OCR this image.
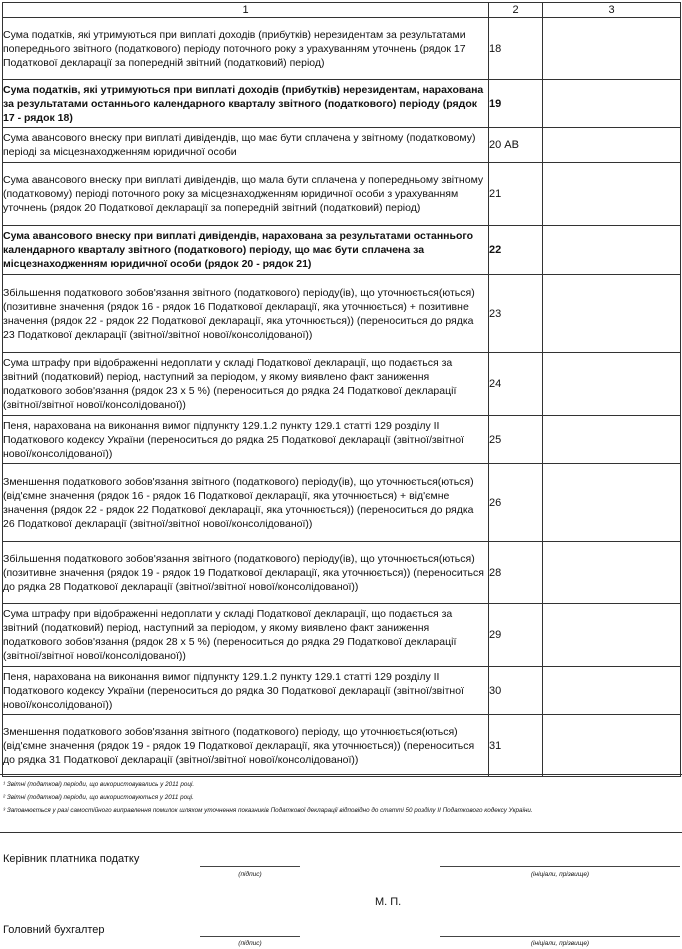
1	2	3
Сума податків, які утримуються при виплаті доходів (прибутків) нерезидентам за результатами попереднього звітного (податкового) періоду поточного року з урахуванням уточнень (рядок 17 Податкової декларації за попередній звітний (податковий) період)	18	
Сума податків, які утримуються при виплаті доходів (прибутків) нерезидентам, нарахована за результатами останнього календарного кварталу звітного (податкового) періоду (рядок 17 - рядок 18)	19	
Сума авансового внеску при виплаті дивідендів, що має бути сплачена у звітному (податковому) періоді за місцезнаходженням юридичної особи	20 АВ	
Сума авансового внеску при виплаті дивідендів, що мала бути сплачена у попередньому звітному (податковому) періоді поточного року за місцезнаходженням юридичної особи з урахуванням уточнень (рядок 20 Податкової декларації за попередній звітний (податковий) період)	21	
Сума авансового внеску при виплаті дивідендів, нарахована за результатами останнього календарного кварталу звітного (податкового) періоду, що має бути сплачена за місцезнаходженням юридичної особи (рядок 20 - рядок 21)	22	
Збільшення податкового зобов'язання звітного (податкового) періоду(ів), що уточнюється(ються) (позитивне значення (рядок 16 - рядок 16 Податкової декларації, яка уточнюється) + позитивне значення (рядок 22 - рядок 22 Податкової декларації, яка уточнюється)) (переноситься до рядка 23 Податкової декларації (звітної/звітної нової/консолідованої))	23	
Сума штрафу при відображенні недоплати у складі Податкової декларації, що подається за звітний (податковий) період, наступний за періодом, у якому виявлено факт заниження податкового зобов'язання (рядок 23 х 5 %) (переноситься до рядка 24 Податкової декларації (звітної/звітної нової/консолідованої))	24	
Пеня, нарахована на виконання вимог підпункту 129.1.2 пункту 129.1 статті 129 розділу II Податкового кодексу України (переноситься до рядка 25 Податкової декларації (звітної/звітної нової/консолідованої))	25	
Зменшення податкового зобов'язання звітного (податкового) періоду(ів), що уточнюється(ються) (від'ємне значення (рядок 16 - рядок 16 Податкової декларації, яка уточнюється) + від'ємне значення (рядок 22 - рядок 22 Податкової декларації, яка уточнюється)) (переноситься до рядка 26 Податкової декларації (звітної/звітної нової/консолідованої))	26	
Збільшення податкового зобов'язання звітного (податкового) періоду(ів), що уточнюється(ються) (позитивне значення (рядок 19 - рядок 19 Податкової декларації, яка уточнюється)) (переноситься до рядка 28 Податкової декларації (звітної/звітної нової/консолідованої))	28	
Сума штрафу при відображенні недоплати у складі Податкової декларації, що подається за звітний (податковий) період, наступний за періодом, у якому виявлено факт заниження податкового зобов'язання (рядок 28 х 5 %) (переноситься до рядка 29 Податкової декларації (звітної/звітної нової/консолідованої))	29	
Пеня, нарахована на виконання вимог підпункту 129.1.2 пункту 129.1 статті 129 розділу II Податкового кодексу України (переноситься до рядка 30 Податкової декларації (звітної/звітної нової/консолідованої))	30	
Зменшення податкового зобов'язання звітного (податкового) періоду, що уточнюється(ються) (від'ємне значення (рядок 19 - рядок 19 Податкової декларації, яка уточнюється)) (переноситься до рядка 31 Податкової декларації (звітної/звітної нової/консолідованої))	31	
¹ Звітні (податкові) періоди, що використовувались у 2011 році.
² Звітні (податкові) періоди, що використовуються у 2011 році.
³ Заповнюється у разі самостійного виправлення помилок шляхом уточнення показників Податкової декларації відповідно до статті 50 розділу II Податкового кодексу України.
Керівник платника податку
(підпис)	(ініціали, прізвище)
М. П.
Головний бухгалтер
(підпис)	(ініціали, прізвище)
